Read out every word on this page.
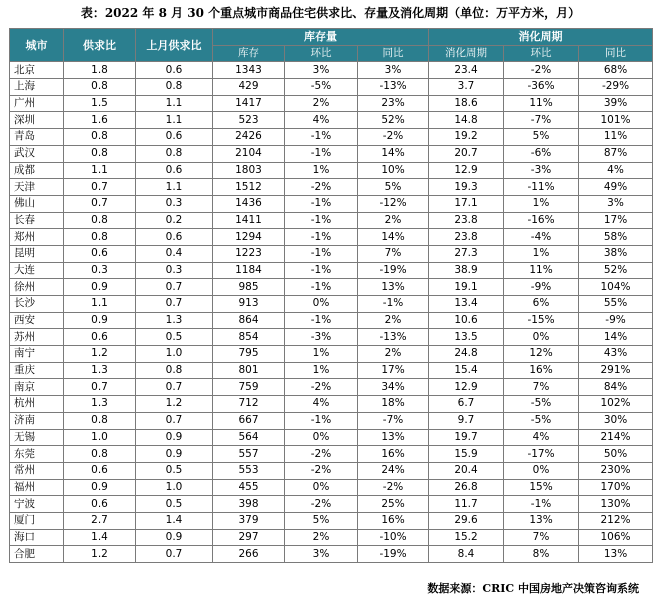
表：2022 年 8 月 30 个重点城市商品住宅供求比、存量及消化周期（单位：万平方米，月）
城市	供求比	上月供求比	库存量			消化周期		
			库存	环比	同比	消化周期	环比	同比
北京	1.8	0.6	1343	3%	3%	23.4	-2%	68%
上海	0.8	0.8	429	-5%	-13%	3.7	-36%	-29%
广州	1.5	1.1	1417	2%	23%	18.6	11%	39%
深圳	1.6	1.1	523	4%	52%	14.8	-7%	101%
青岛	0.8	0.6	2426	-1%	-2%	19.2	5%	11%
武汉	0.8	0.8	2104	-1%	14%	20.7	-6%	87%
成都	1.1	0.6	1803	1%	10%	12.9	-3%	4%
天津	0.7	1.1	1512	-2%	5%	19.3	-11%	49%
佛山	0.7	0.3	1436	-1%	-12%	17.1	1%	3%
长春	0.8	0.2	1411	-1%	2%	23.8	-16%	17%
郑州	0.8	0.6	1294	-1%	14%	23.8	-4%	58%
昆明	0.6	0.4	1223	-1%	7%	27.3	1%	38%
大连	0.3	0.3	1184	-1%	-19%	38.9	11%	52%
徐州	0.9	0.7	985	-1%	13%	19.1	-9%	104%
长沙	1.1	0.7	913	0%	-1%	13.4	6%	55%
西安	0.9	1.3	864	-1%	2%	10.6	-15%	-9%
苏州	0.6	0.5	854	-3%	-13%	13.5	0%	14%
南宁	1.2	1.0	795	1%	2%	24.8	12%	43%
重庆	1.3	0.8	801	1%	17%	15.4	16%	291%
南京	0.7	0.7	759	-2%	34%	12.9	7%	84%
杭州	1.3	1.2	712	4%	18%	6.7	-5%	102%
济南	0.8	0.7	667	-1%	-7%	9.7	-5%	30%
无锡	1.0	0.9	564	0%	13%	19.7	4%	214%
东莞	0.8	0.9	557	-2%	16%	15.9	-17%	50%
常州	0.6	0.5	553	-2%	24%	20.4	0%	230%
福州	0.9	1.0	455	0%	-2%	26.8	15%	170%
宁波	0.6	0.5	398	-2%	25%	11.7	-1%	130%
厦门	2.7	1.4	379	5%	16%	29.6	13%	212%
海口	1.4	0.9	297	2%	-10%	15.2	7%	106%
合肥	1.2	0.7	266	3%	-19%	8.4	8%	13%
数据来源：CRIC 中国房地产决策咨询系统
